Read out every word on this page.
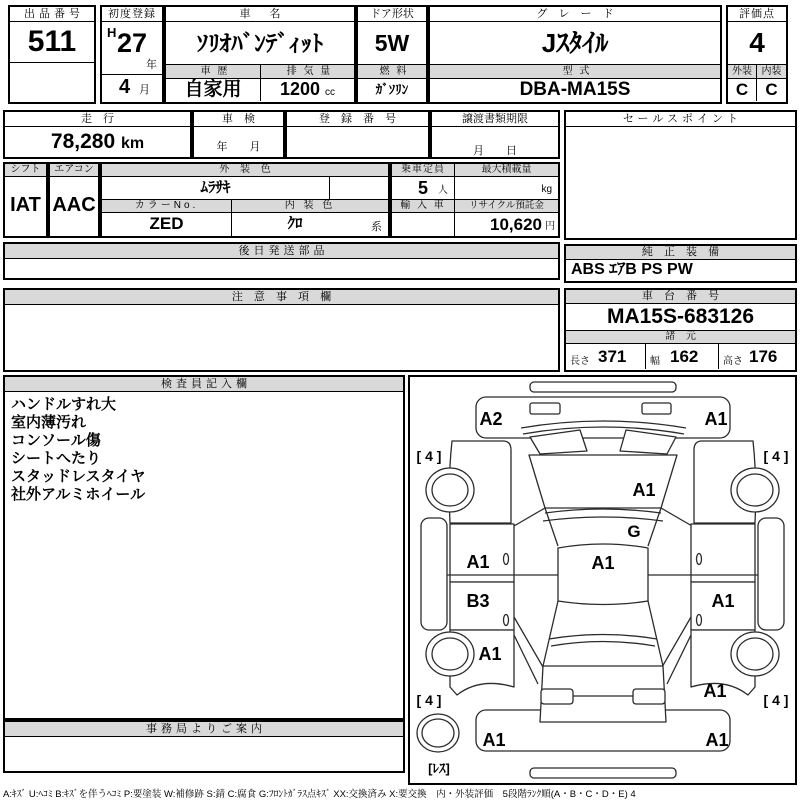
出品番号
511
初度登録
H 27
年
4 月
車　名
ｿﾘｵﾊﾞﾝﾃﾞｨｯﾄ
車 歴
自家用
排 気 量
1200 cc
ドア形状
5W
燃 料
ｶﾞｿﾘﾝ
グ レ ー ド
Jｽﾀｲﾙ
型 式
DBA-MA15S
評価点
4
外装
C
内装
C
走 行
78,280 km
車 検
年　　月
登 録 番 号	譲渡書類期限
月　　日
セールスポイント
シフト
IAT
エアコン
AAC
外 装 色
ﾑﾗｻｷ
カラーNo.	内 装 色
ZED	ｸﾛ	系
乗車定員	最大積載量
5 人	kg
輸 入 車	リサイクル預託金
10,620 円
後日発送部品	純 正 装 備
ABS ｴｱB PS PW
注 意 事 項 欄	車 台 番 号
MA15S-683126
諸 元
長さ 371 幅 162 高さ 176
検査員記入欄
ハンドルすれ大
室内薄汚れ
コンソール傷
シートへたり
スタッドレスタイヤ
社外アルミホイール
事務局よりご案内
A2	A1
[ 4 ]	[ 4 ]
A1
G
A1
A1
B3	A1
A1
A1
[ 4 ]	[ 4 ]
A1	A1
[ﾚｽ]
A:ｷｽﾞ U:ﾍｺﾐ B:ｷｽﾞを伴うﾍｺﾐ P:要塗装 W:補修跡 S:錆 C:腐食 G:ﾌﾛﾝﾄｶﾞﾗｽ点ｷｽﾞ XX:交換済み X:要交換　内・外装評価　5段階ﾗﾝｸ順(A・B・C・D・E) 4
